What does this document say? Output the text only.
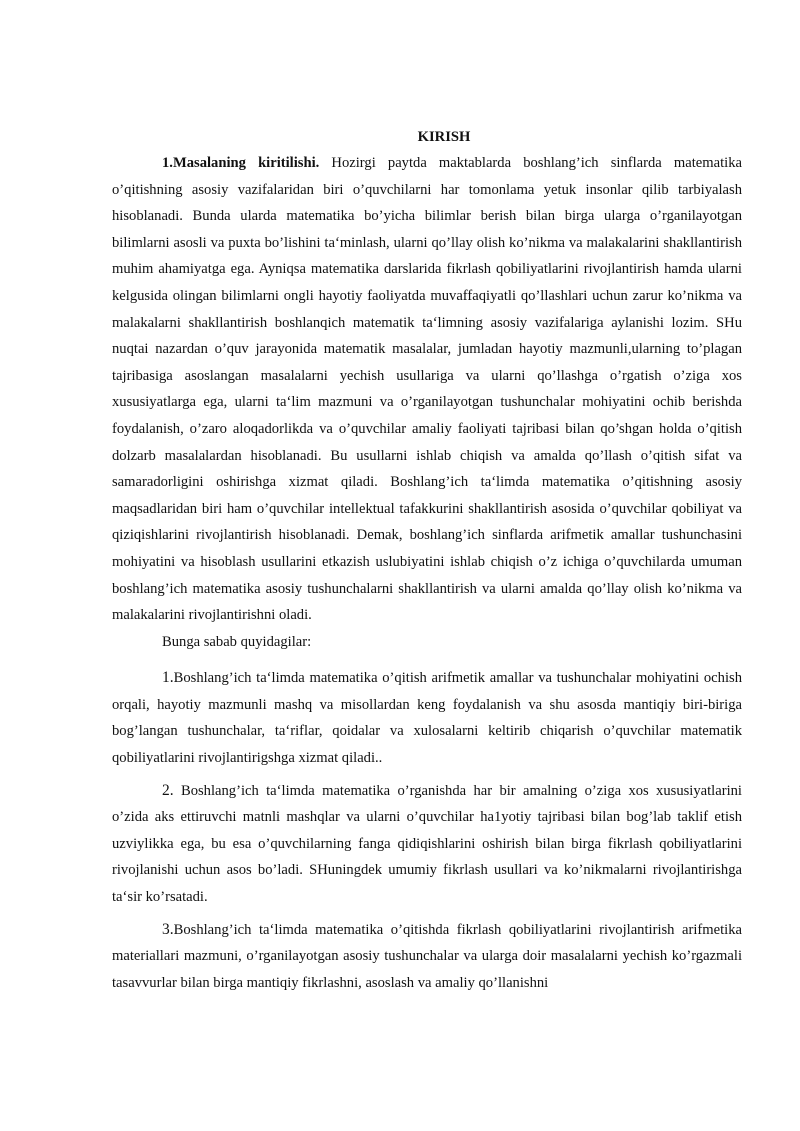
KIRISH

1.Masalaning kiritilishi. Hozirgi paytda maktablarda boshlang’ich sinflarda matematika o’qitishning asosiy vazifalaridan biri o’quvchilarni har tomonlama yetuk insonlar qilib tarbiyalash hisoblanadi. Bunda ularda matematika bo’yicha bilimlar berish bilan birga ularga o’rganilayotgan bilimlarni asosli va puxta bo’lishini ta‘minlash, ularni qo’llay olish ko’nikma va malakalarini shakllantirish muhim ahamiyatga ega. Ayniqsa matematika darslarida fikrlash qobiliyatlarini rivojlantirish hamda ularni kelgusida olingan bilimlarni ongli hayotiy faoliyatda muvaffaqiyatli qo’llashlari uchun zarur ko’nikma va malakalarni shakllantirish boshlanqich matematik ta‘limning asosiy vazifalariga aylanishi lozim. SHu nuqtai nazardan o’quv jarayonida matematik masalalar, jumladan hayotiy mazmunli,ularning to’plagan tajribasiga asoslangan masalalarni yechish usullariga va ularni qo’llashga o’rgatish o’ziga xos xususiyatlarga ega, ularni ta‘lim mazmuni va o’rganilayotgan tushunchalar mohiyatini ochib berishda foydalanish, o’zaro aloqadorlikda va o’quvchilar amaliy faoliyati tajribasi bilan qo’shgan holda o’qitish dolzarb masalalardan hisoblanadi. Bu usullarni ishlab chiqish va amalda qo’llash o’qitish sifat va samaradorligini oshirishga xizmat qiladi. Boshlang’ich ta‘limda matematika o’qitishning asosiy maqsadlaridan biri ham o’quvchilar intellektual tafakkurini shakllantirish asosida o’quvchilar qobiliyat va qiziqishlarini rivojlantirish hisoblanadi. Demak, boshlang’ich sinflarda arifmetik amallar tushunchasini mohiyatini va hisoblash usullarini etkazish uslubiyatini ishlab chiqish o’z ichiga o’quvchilarda umuman boshlang’ich matematika asosiy tushunchalarni shakllantirish va ularni amalda qo’llay olish ko’nikma va malakalarini rivojlantirishni oladi.

Bunga sabab quyidagilar:

1.Boshlang’ich ta‘limda matematika o’qitish arifmetik amallar va tushunchalar mohiyatini ochish orqali, hayotiy mazmunli mashq va misollardan keng foydalanish va shu asosda mantiqiy biri-biriga bog’langan tushunchalar, ta‘riflar, qoidalar va xulosalarni keltirib chiqarish o’quvchilar matematik qobiliyatlarini rivojlantirigshga xizmat qiladi..

2. Boshlang’ich ta‘limda matematika o’rganishda har bir amalning o’ziga xos xususiyatlarini o’zida aks ettiruvchi matnli mashqlar va ularni o’quvchilar ha1yotiy tajribasi bilan bog’lab taklif etish uzviylikka ega, bu esa o’quvchilarning fanga qidiqishlarini oshirish bilan birga fikrlash qobiliyatlarini rivojlanishi uchun asos bo’ladi. SHuningdek umumiy fikrlash usullari va ko’nikmalarni rivojlantirishga ta‘sir ko’rsatadi.

3.Boshlang’ich ta‘limda matematika o’qitishda fikrlash qobiliyatlarini rivojlantirish arifmetika materiallari mazmuni, o’rganilayotgan asosiy tushunchalar va ularga doir masalalarni yechish ko’rgazmali tasavvurlar bilan birga mantiqiy fikrlashni, asoslash va amaliy qo’llanishni
